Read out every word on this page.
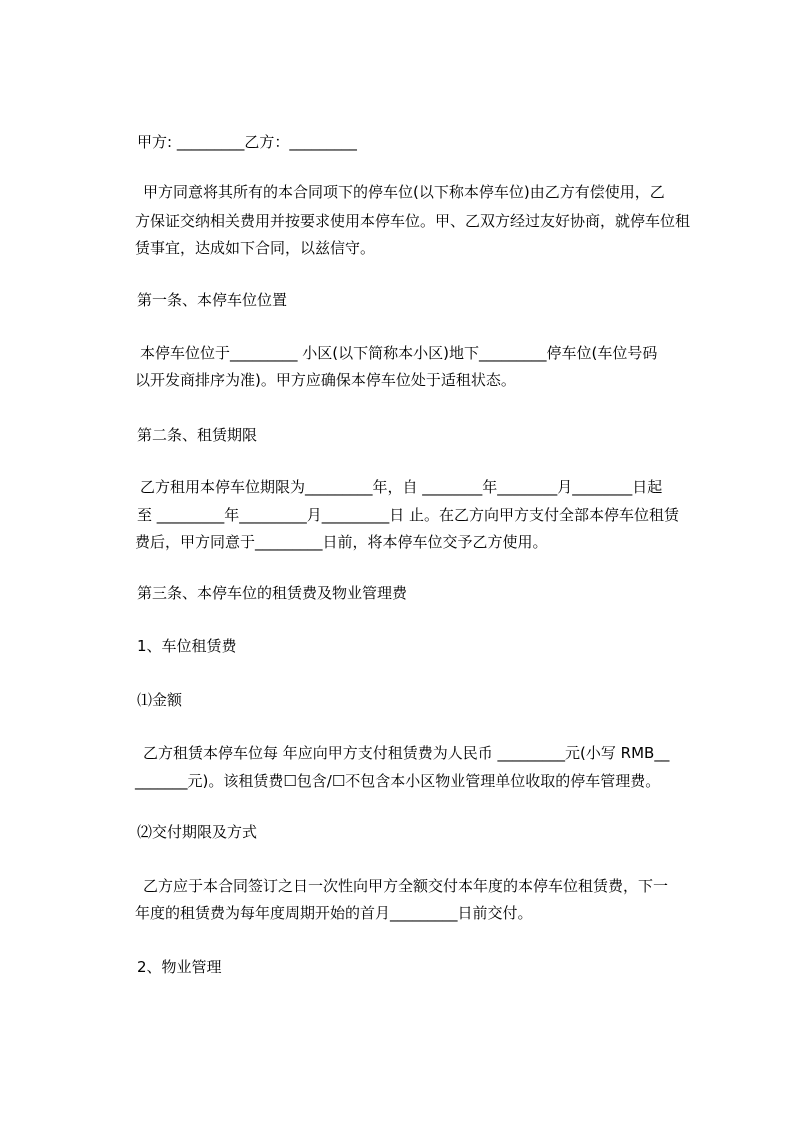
甲方: _________乙方：_________
甲方同意将其所有的本合同项下的停车位(以下称本停车位)由乙方有偿使用，乙
方保证交纳相关费用并按要求使用本停车位。甲、乙双方经过友好协商，就停车位租
赁事宜，达成如下合同，以兹信守。
第一条、本停车位位置
本停车位位于_________ 小区(以下简称本小区)地下_________停车位(车位号码
以开发商排序为准)。甲方应确保本停车位处于适租状态。
第二条、租赁期限
乙方租用本停车位期限为_________年，自 ________年________月________日起
至 _________年_________月_________日 止。在乙方向甲方支付全部本停车位租赁
费后，甲方同意于_________日前，将本停车位交予乙方使用。
第三条、本停车位的租赁费及物业管理费
1、车位租赁费
⑴金额
乙方租赁本停车位每 年应向甲方支付租赁费为人民币 _________元(小写 RMB__
_______元)。该租赁费☐包含/☐不包含本小区物业管理单位收取的停车管理费。
⑵交付期限及方式
乙方应于本合同签订之日一次性向甲方全额交付本年度的本停车位租赁费，下一
年度的租赁费为每年度周期开始的首月_________日前交付。
2、物业管理
